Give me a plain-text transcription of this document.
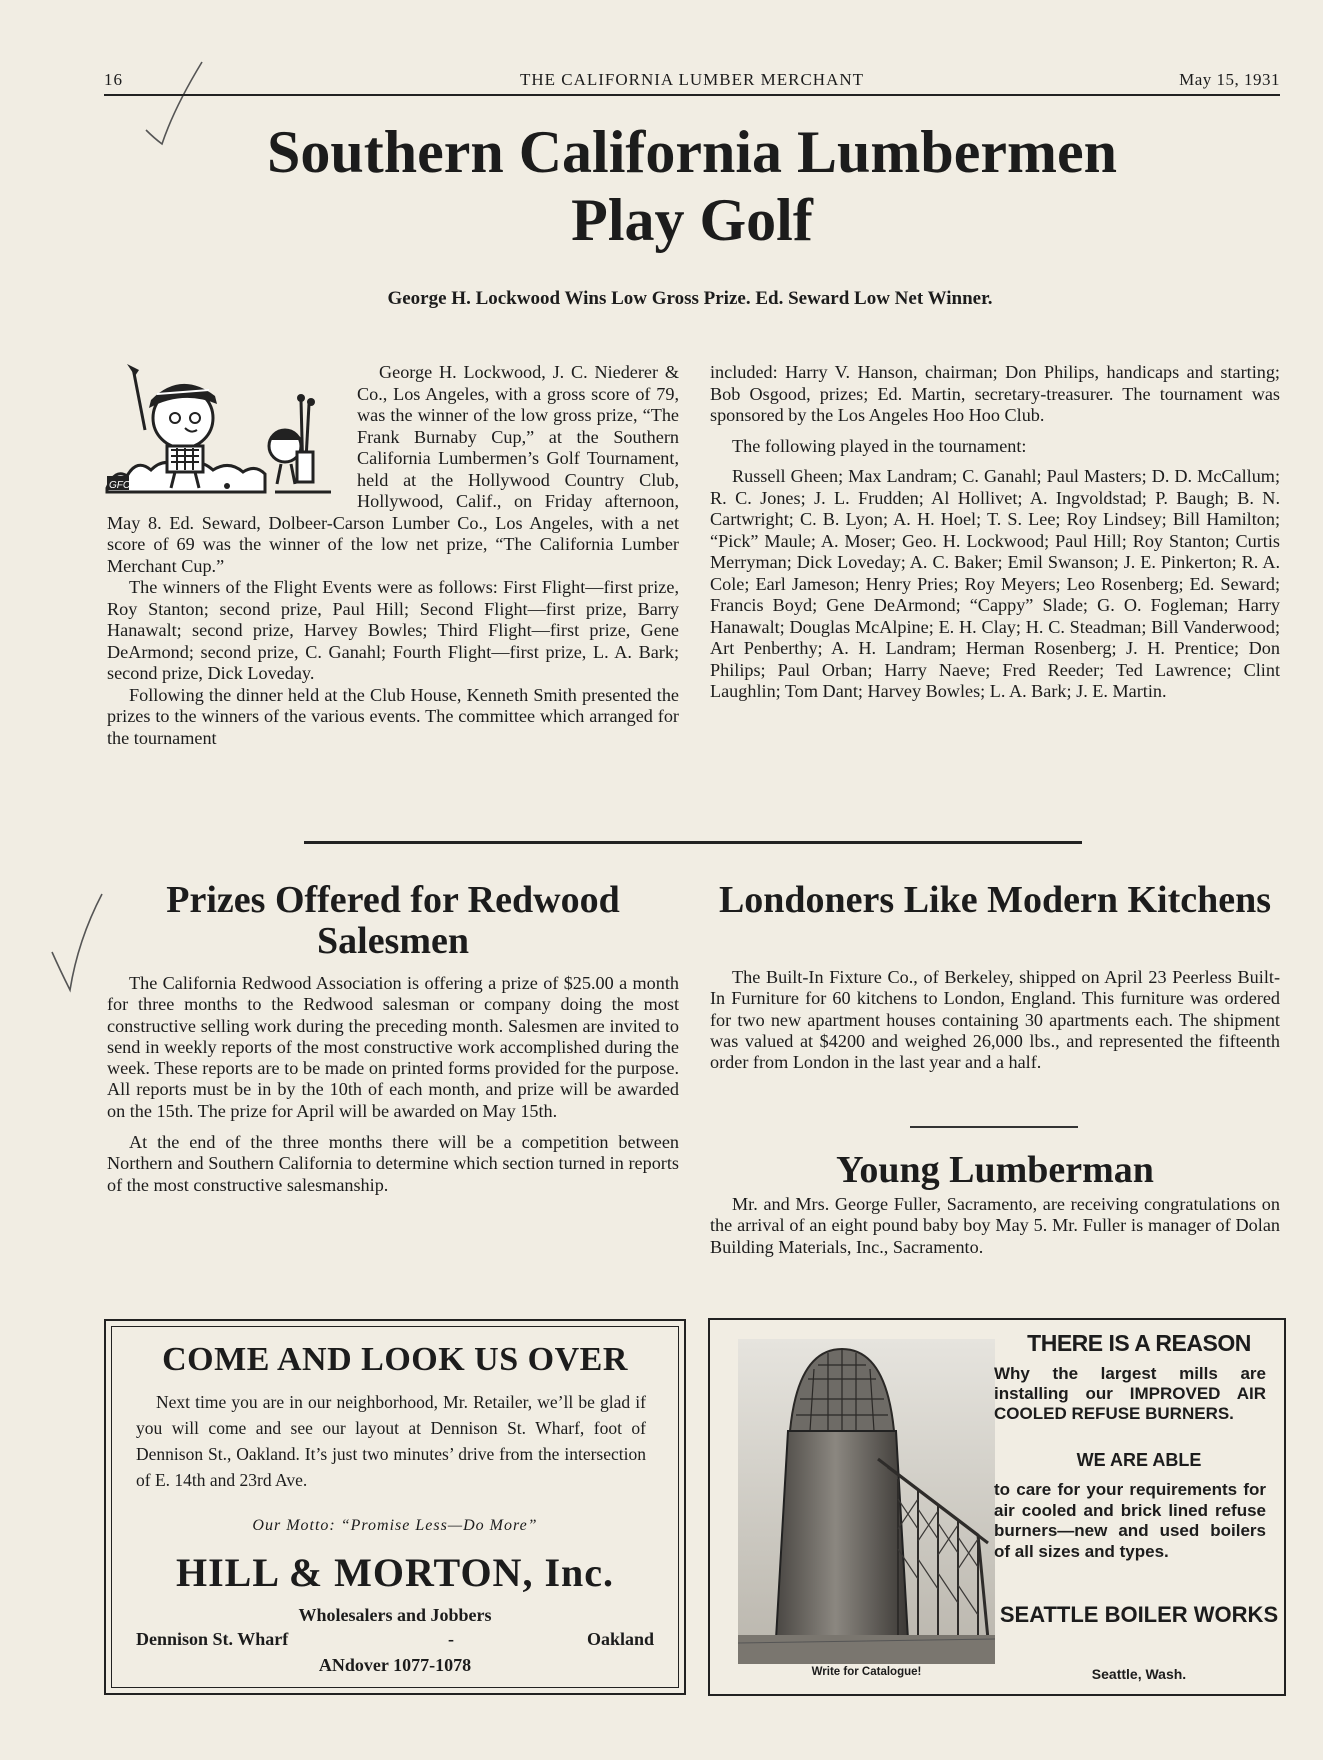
16	THE CALIFORNIA LUMBER MERCHANT	May 15, 1931
Southern California Lumbermen
Play Golf
George H. Lockwood Wins Low Gross Prize. Ed. Seward Low Net Winner.
GFC

George H. Lockwood, J. C. Niederer & Co., Los Angeles, with a gross score of 79, was the winner of the low gross prize, “The Frank Burnaby Cup,” at the Southern California Lumbermen’s Golf Tournament, held at the Hollywood Country Club, Hollywood, Calif., on Friday afternoon, May 8. Ed. Seward, Dolbeer-Carson Lumber Co., Los Angeles, with a net score of 69 was the winner of the low net prize, “The California Lumber Merchant Cup.”

The winners of the Flight Events were as follows: First Flight—first prize, Roy Stanton; second prize, Paul Hill; Second Flight—first prize, Barry Hanawalt; second prize, Harvey Bowles; Third Flight—first prize, Gene DeArmond; second prize, C. Ganahl; Fourth Flight—first prize, L. A. Bark; second prize, Dick Loveday.

Following the dinner held at the Club House, Kenneth Smith presented the prizes to the winners of the various events. The committee which arranged for the tournament

included: Harry V. Hanson, chairman; Don Philips, handicaps and starting; Bob Osgood, prizes; Ed. Martin, secretary-treasurer. The tournament was sponsored by the Los Angeles Hoo Hoo Club.

The following played in the tournament:

Russell Gheen; Max Landram; C. Ganahl; Paul Masters; D. D. McCallum; R. C. Jones; J. L. Frudden; Al Hollivet; A. Ingvoldstad; P. Baugh; B. N. Cartwright; C. B. Lyon; A. H. Hoel; T. S. Lee; Roy Lindsey; Bill Hamilton; “Pick” Maule; A. Moser; Geo. H. Lockwood; Paul Hill; Roy Stanton; Curtis Merryman; Dick Loveday; A. C. Baker; Emil Swanson; J. E. Pinkerton; R. A. Cole; Earl Jameson; Henry Pries; Roy Meyers; Leo Rosenberg; Ed. Seward; Francis Boyd; Gene DeArmond; “Cappy” Slade; G. O. Fogleman; Harry Hanawalt; Douglas McAlpine; E. H. Clay; H. C. Steadman; Bill Vanderwood; Art Penberthy; A. H. Landram; Herman Rosenberg; J. H. Prentice; Don Philips; Paul Orban; Harry Naeve; Fred Reeder; Ted Lawrence; Clint Laughlin; Tom Dant; Harvey Bowles; L. A. Bark; J. E. Martin.

Prizes Offered for Redwood Salesmen

The California Redwood Association is offering a prize of $25.00 a month for three months to the Redwood salesman or company doing the most constructive selling work during the preceding month. Salesmen are invited to send in weekly reports of the most constructive work accomplished during the week. These reports are to be made on printed forms provided for the purpose. All reports must be in by the 10th of each month, and prize will be awarded on the 15th. The prize for April will be awarded on May 15th.

At the end of the three months there will be a competition between Northern and Southern California to determine which section turned in reports of the most constructive salesmanship.

Londoners Like Modern Kitchens

The Built-In Fixture Co., of Berkeley, shipped on April 23 Peerless Built-In Furniture for 60 kitchens to London, England. This furniture was ordered for two new apartment houses containing 30 apartments each. The shipment was valued at $4200 and weighed 26,000 lbs., and represented the fifteenth order from London in the last year and a half.

Young Lumberman

Mr. and Mrs. George Fuller, Sacramento, are receiving congratulations on the arrival of an eight pound baby boy May 5. Mr. Fuller is manager of Dolan Building Materials, Inc., Sacramento.

COME AND LOOK US OVER

Next time you are in our neighborhood, Mr. Retailer, we’ll be glad if you will come and see our layout at Dennison St. Wharf, foot of Dennison St., Oakland. It’s just two minutes’ drive from the intersection of E. 14th and 23rd Ave.

Our Motto: “Promise Less—Do More”
HILL & MORTON, Inc.
Wholesalers and Jobbers
Dennison St. Wharf	-	Oakland
ANdover 1077-1078	Write for Catalogue!
THERE IS A REASON
Why the largest mills are installing our IMPROVED AIR COOLED REFUSE BURNERS.
WE ARE ABLE
to care for your requirements for air cooled and brick lined refuse burners—new and used boilers of all sizes and types.
SEATTLE BOILER WORKS
Seattle, Wash.
